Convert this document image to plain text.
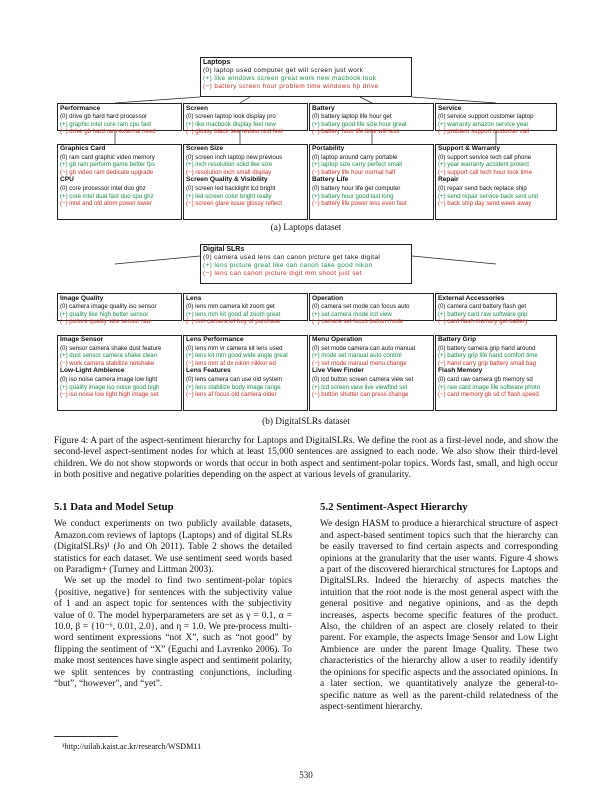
Laptops
(0) laptop used computer get will screen just work
(+) like windows screen great work new macbook look
(−) battery screen hour problem time windows hp drive
Performance
(0) drive gb hard hard processor
(+) graphic intel core ram cpu fast
(−) drive gb hard ram external need
Screen
(0) screen laptop look display pro
(+) like macbook display feel new
(−) glossy black see review rest feel
Battery
(0) battery laptop life hour get
(+) battery good life size hour great
(−) battery hour life time will less
Service
(0) service support customer laptop
(+) warranty amazon service year
(−) problem support customer call
Graphics Card
(0) ram card graphic video memory
(+) gb ram perform game better fps
(−) gb video ram dedicate upgrade
CPU
(0) core processor intel duo ghz
(+) core intel dual fast duo cpu ghz
(−) intel and old atom power lower
Screen Size
(0) screen inch laptop new previous
(+) inch resolution solid like size
(−) resolution inch small display
Screen Quality & Visibility
(0) screen led backlight lcd bright
(+) led screen color bright really
(−) screen glare issue glossy reflect
Portability
(0) laptop around carry portable
(+) laptop size carry perfect small
(−) battery life hour normal half
Battery Life
(0) battery hour life get computer
(+) battery hour good last long
(−) battery life power less even fast
Support & Warranty
(0) support service tech call phone
(+) year warranty accident protect
(−) support call tech hour took time
Repair
(0) repair send back replace ship
(+) send repair service back sent unit
(−) back ship day send week away
(a) Laptops dataset
Digital SLRs
(0) camera used lens can canon picture get take digital
(+) lens picture great like can canon take good nikon
(−) lens can canon picture digit mm shoot just set
Image Quality
(0) camera image quality iso sensor
(+) quality like high better sensor
(−) picture quality size sensor raw
Lens
(0) lens mm camera kit zoom get
(+) lens mm kit good af zoom great
(−) mm camera kit buy of purchase
Operation
(0) camera set mode can focus auto
(+) set camera mode lcd view
(−) camera set focus button mode
External Accessories
(0) camera card battery flash get
(+) battery card raw software grip
(−) card flash memory get battery
Image Sensor
(0) sensor camera shake dust feature
(+) dust sensor camera shake clean
(−) work camera stabilize notshake
Low-Light Ambience
(0) iso noise camera image low light
(+) quality image iso noise good high
(−) iso noise low light high image set
Lens Performance
(0) lens mm vr camera kit lens used
(+) lens kit mm good wide angle great
(−) lens mm af dx nikon nikkor ed
Lens Features
(0) lens camera can use old system
(+) lens stabilize body image range
(−) lens af focus old camera older
Menu Operation
(0) set mode camera can auto manual
(+) mode set manual auto control
(−) set mode manual menu change
Live View Finder
(0) lcd button screen camera view set
(+) lcd screen view live viewfind set
(−) button shutter can press change
Battery Grip
(0) battery camera grip hand around
(+) battery grip life hand comfort time
(−) hand carry grip battery small bag
Flash Memory
(0) card raw camera gb memory sd
(+) raw card image file software photo
(−) card memory gb sd cf flash speed
(b) DigitalSLRs dataset
Figure 4: A part of the aspect-sentiment hierarchy for Laptops and DigitalSLRs. We define the root as a first-level node, and show the second-level aspect-sentiment nodes for which at least 15,000 sentences are assigned to each node. We also show their third-level children. We do not show stopwords or words that occur in both aspect and sentiment-polar topics. Words fast, small, and high occur in both positive and negative polarities depending on the aspect at various levels of granularity.
5.1 Data and Model Setup

We conduct experiments on two publicly available datasets, Amazon.com reviews of laptops (Laptops) and of digital SLRs (DigitalSLRs)¹ (Jo and Oh 2011). Table 2 shows the detailed statistics for each dataset. We use sentiment seed words based on Paradigm+ (Turney and Littman 2003).

We set up the model to find two sentiment-polar topics {positive, negative} for sentences with the subjectivity value of 1 and an aspect topic for sentences with the subjectivity value of 0. The model hyperparameters are set as γ = 0.1, α = 10.0, β = {10⁻⁶, 0.01, 2.0}, and η = 1.0. We pre-process multi-word sentiment expressions “not X”, such as “not good” by flipping the sentiment of “X” (Eguchi and Lavrenko 2006). To make most sentences have single aspect and sentiment polarity, we split sentences by contrasting conjunctions, including “but”, “however”, and “yet”.

¹http://uilab.kaist.ac.kr/research/WSDM11
5.2 Sentiment-Aspect Hierarchy

We design HASM to produce a hierarchical structure of aspect and aspect-based sentiment topics such that the hierarchy can be easily traversed to find certain aspects and corresponding opinions at the granularity that the user wants. Figure 4 shows a part of the discovered hierarchical structures for Laptops and DigitalSLRs. Indeed the hierarchy of aspects matches the intuition that the root node is the most general aspect with the general positive and negative opinions, and as the depth increases, aspects become specific features of the product. Also, the children of an aspect are closely related to their parent. For example, the aspects Image Sensor and Low Light Ambience are under the parent Image Quality. These two characteristics of the hierarchy allow a user to readily identify the opinions for specific aspects and the associated opinions. In a later section, we quantitatively analyze the general-to-specific nature as well as the parent-child relatedness of the aspect-sentiment hierarchy.

530
